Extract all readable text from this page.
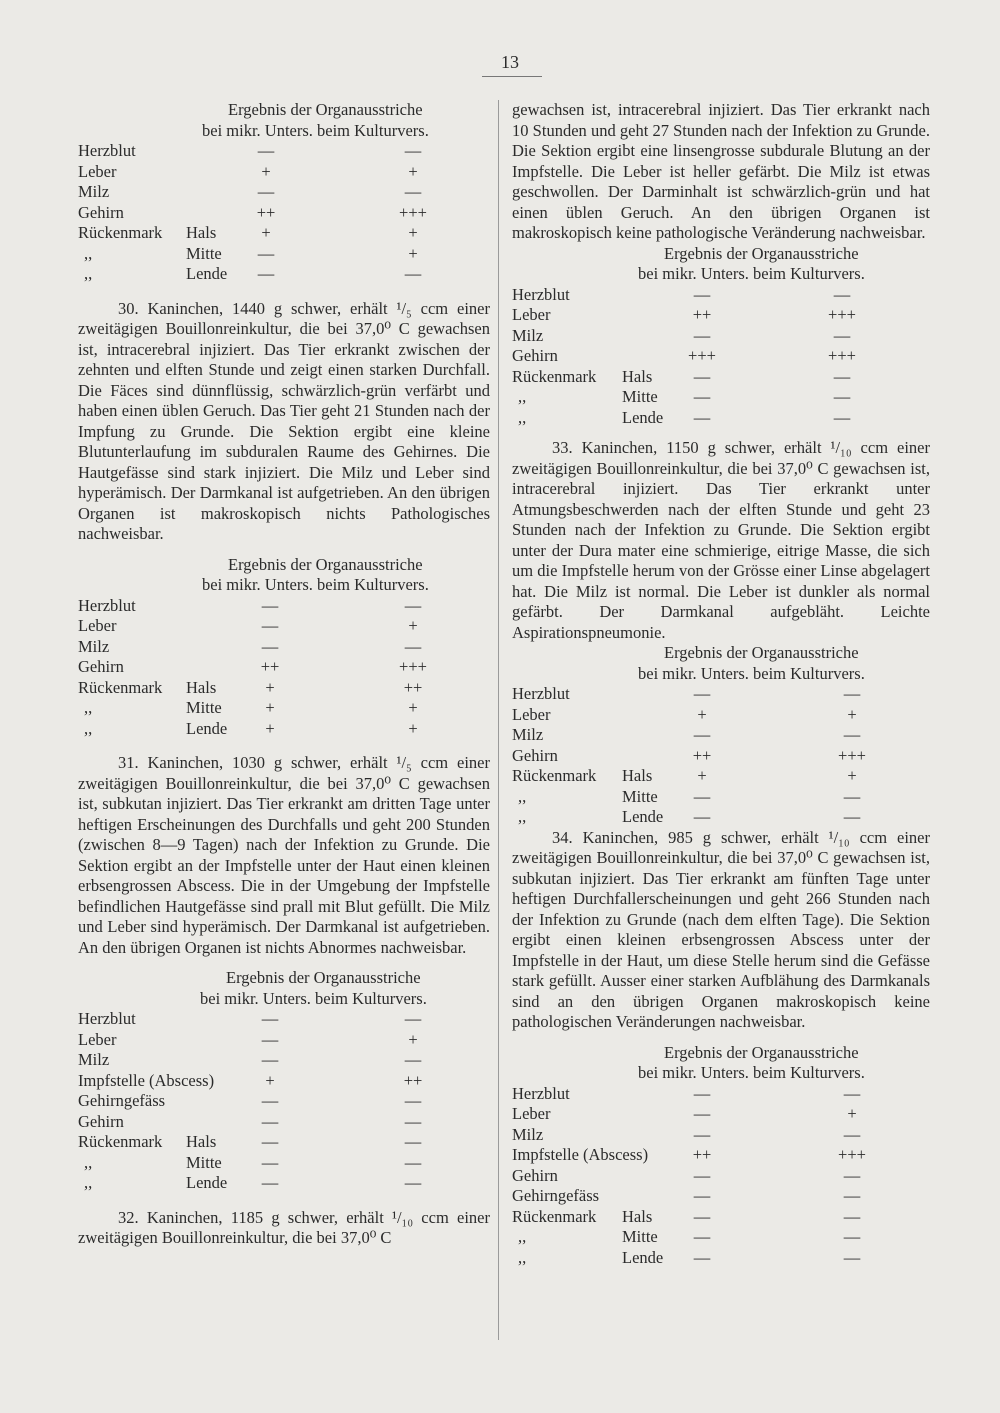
13
Ergebnis der Organausstriche
bei mikr. Unters. beim Kulturvers.
Herzblut	—	—
Leber	+	+
Milz	—	—
Gehirn	++	+++
Rückenmark Hals	+	+
,,	Mitte	—	+
,,	Lende	—	—

30. Kaninchen, 1440 g schwer, erhält ¹/₅ ccm einer zweitägigen Bouillonreinkultur, die bei 37,0⁰ C gewachsen ist, intracerebral injiziert. Das Tier erkrankt zwischen der zehnten und elften Stunde und zeigt einen starken Durchfall. Die Fäces sind dünnflüssig, schwärzlich-grün verfärbt und haben einen üblen Geruch. Das Tier geht 21 Stunden nach der Impfung zu Grunde. Die Sektion ergibt eine kleine Blutunterlaufung im subduralen Raume des Gehirnes. Die Hautgefässe sind stark injiziert. Die Milz und Leber sind hyperämisch. Der Darmkanal ist aufgetrieben. An den übrigen Organen ist makroskopisch nichts Pathologisches nachweisbar.

Ergebnis der Organausstriche
bei mikr. Unters. beim Kulturvers.
Herzblut	—	—
Leber	—	+
Milz	—	—
Gehirn	++	+++
Rückenmark Hals	+	++
,,	Mitte	+	+
,,	Lende	+	+

31. Kaninchen, 1030 g schwer, erhält ¹/₅ ccm einer zweitägigen Bouillonreinkultur, die bei 37,0⁰ C gewachsen ist, subkutan injiziert. Das Tier erkrankt am dritten Tage unter heftigen Erscheinungen des Durchfalls und geht 200 Stunden (zwischen 8—9 Tagen) nach der Infektion zu Grunde. Die Sektion ergibt an der Impfstelle unter der Haut einen kleinen erbsengrossen Abscess. Die in der Umgebung der Impfstelle befindlichen Hautgefässe sind prall mit Blut gefüllt. Die Milz und Leber sind hyperämisch. Der Darmkanal ist aufgetrieben. An den übrigen Organen ist nichts Abnormes nachweisbar.

Ergebnis der Organausstriche
bei mikr. Unters. beim Kulturvers.
Herzblut	—	—
Leber	—	+
Milz	—	—
Impfstelle (Abscess)	+	++
Gehirngefäss	—	—
Gehirn	—	—
Rückenmark Hals	—	—
,,	Mitte	—	—
,,	Lende	—	—

32. Kaninchen, 1185 g schwer, erhält ¹/₁₀ ccm einer zweitägigen Bouillonreinkultur, die bei 37,0⁰ C

gewachsen ist, intracerebral injiziert. Das Tier erkrankt nach 10 Stunden und geht 27 Stunden nach der Infektion zu Grunde. Die Sektion ergibt eine linsengrosse subdurale Blutung an der Impfstelle. Die Leber ist heller gefärbt. Die Milz ist etwas geschwollen. Der Darminhalt ist schwärzlich-grün und hat einen üblen Geruch. An den übrigen Organen ist makroskopisch keine pathologische Veränderung nachweisbar.

Ergebnis der Organausstriche
bei mikr. Unters. beim Kulturvers.
Herzblut	—	—
Leber	++	+++
Milz	—	—
Gehirn	+++	+++
Rückenmark Hals	—	—
,,	Mitte	—	—
,,	Lende	—	—

33. Kaninchen, 1150 g schwer, erhält ¹/₁₀ ccm einer zweitägigen Bouillonreinkultur, die bei 37,0⁰ C gewachsen ist, intracerebral injiziert. Das Tier erkrankt unter Atmungsbeschwerden nach der elften Stunde und geht 23 Stunden nach der Infektion zu Grunde. Die Sektion ergibt unter der Dura mater eine schmierige, eitrige Masse, die sich um die Impfstelle herum von der Grösse einer Linse abgelagert hat. Die Milz ist normal. Die Leber ist dunkler als normal gefärbt. Der Darmkanal aufgebläht. Leichte Aspirationspneumonie.

Ergebnis der Organausstriche
bei mikr. Unters. beim Kulturvers.
Herzblut	—	—
Leber	+	+
Milz	—	—
Gehirn	++	+++
Rückenmark Hals	+	+
,,	Mitte	—	—
,,	Lende	—	—

34. Kaninchen, 985 g schwer, erhält ¹/₁₀ ccm einer zweitägigen Bouillonreinkultur, die bei 37,0⁰ C gewachsen ist, subkutan injiziert. Das Tier erkrankt am fünften Tage unter heftigen Durchfallerscheinungen und geht 266 Stunden nach der Infektion zu Grunde (nach dem elften Tage). Die Sektion ergibt einen kleinen erbsengrossen Abscess unter der Impfstelle in der Haut, um diese Stelle herum sind die Gefässe stark gefüllt. Ausser einer starken Aufblähung des Darmkanals sind an den übrigen Organen makroskopisch keine pathologischen Veränderungen nachweisbar.

Ergebnis der Organausstriche
bei mikr. Unters. beim Kulturvers.
Herzblut	—	—
Leber	—	+
Milz	—	—
Impfstelle (Abscess)	++	+++
Gehirn	—	—
Gehirngefäss	—	—
Rückenmark Hals	—	—
,,	Mitte	—	—
,,	Lende	—	—
